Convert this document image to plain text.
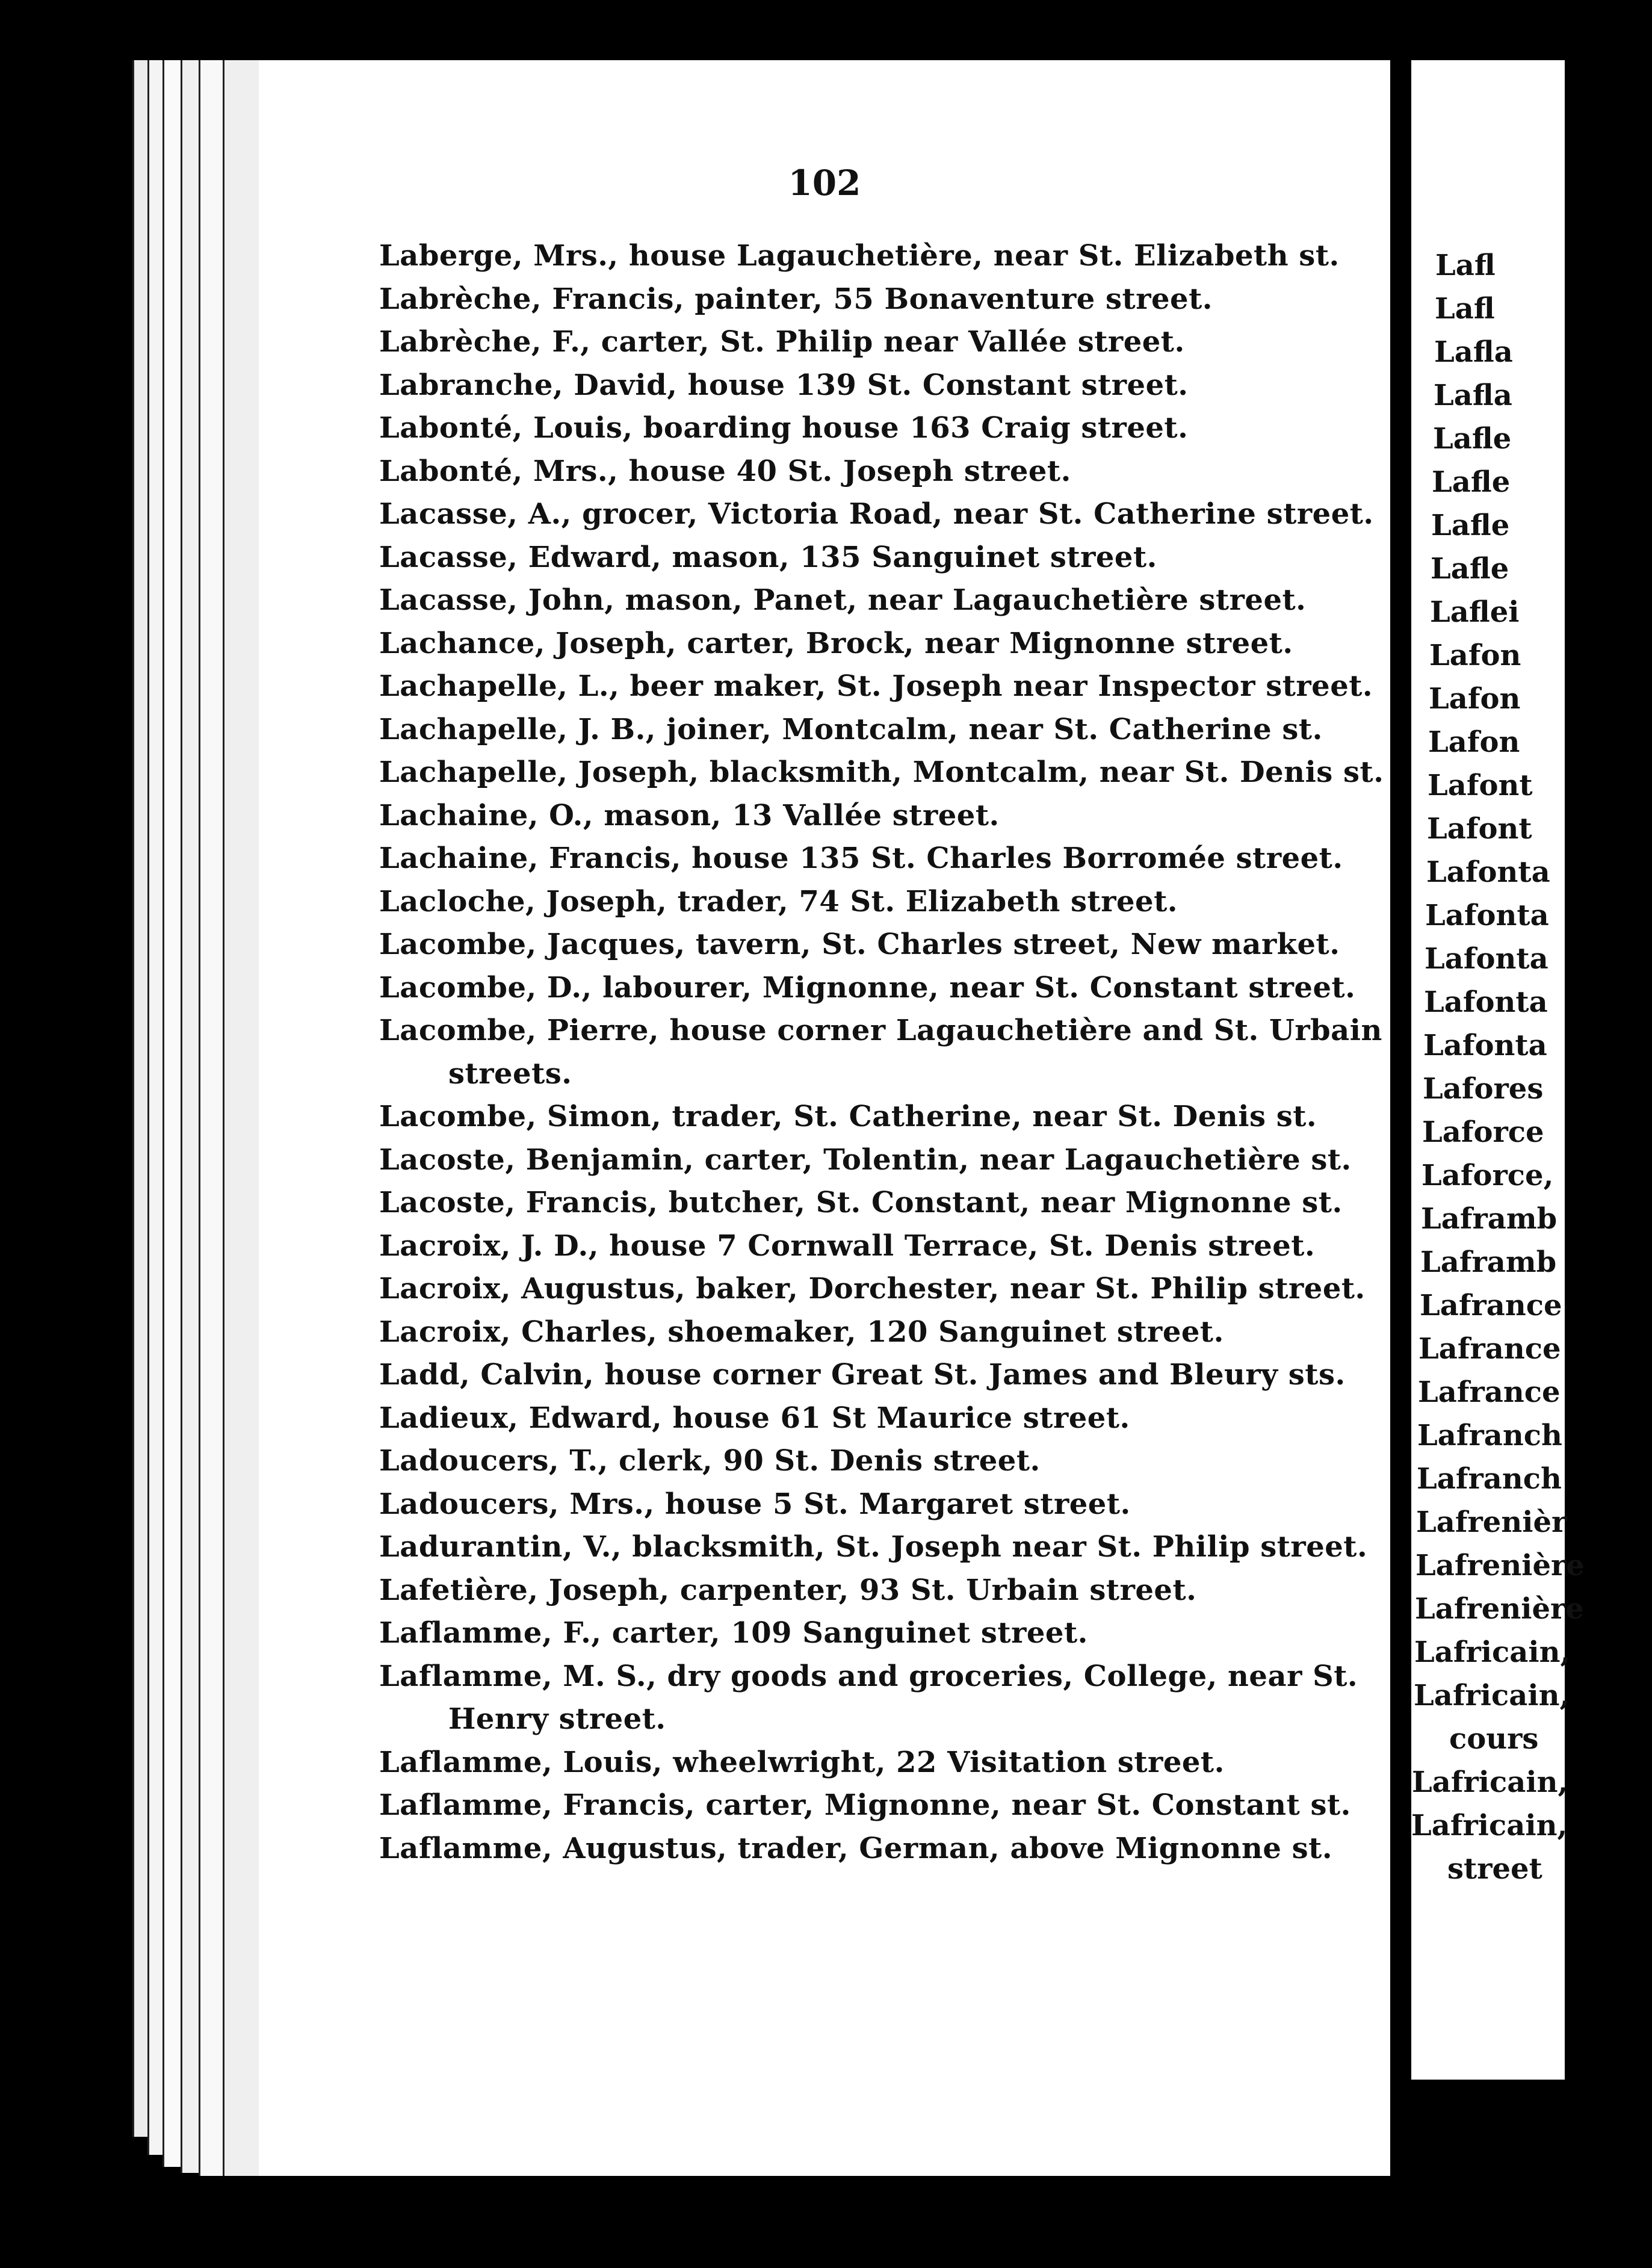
102
Laberge, Mrs., house Lagauchetière, near St. Elizabeth st.
Labrèche, Francis, painter, 55 Bonaventure street.
Labrèche, F., carter, St. Philip near Vallée street.
Labranche, David, house 139 St. Constant street.
Labonté, Louis, boarding house 163 Craig street.
Labonté, Mrs., house 40 St. Joseph street.
Lacasse, A., grocer, Victoria Road, near St. Catherine street.
Lacasse, Edward, mason, 135 Sanguinet street.
Lacasse, John, mason, Panet, near Lagauchetière street.
Lachance, Joseph, carter, Brock, near Mignonne street.
Lachapelle, L., beer maker, St. Joseph near Inspector street.
Lachapelle, J. B., joiner, Montcalm, near St. Catherine st.
Lachapelle, Joseph, blacksmith, Montcalm, near St. Denis st.
Lachaine, O., mason, 13 Vallée street.
Lachaine, Francis, house 135 St. Charles Borromée street.
Lacloche, Joseph, trader, 74 St. Elizabeth street.
Lacombe, Jacques, tavern, St. Charles street, New market.
Lacombe, D., labourer, Mignonne, near St. Constant street.
Lacombe, Pierre, house corner Lagauchetière and St. Urbain
streets.
Lacombe, Simon, trader, St. Catherine, near St. Denis st.
Lacoste, Benjamin, carter, Tolentin, near Lagauchetière st.
Lacoste, Francis, butcher, St. Constant, near Mignonne st.
Lacroix, J. D., house 7 Cornwall Terrace, St. Denis street.
Lacroix, Augustus, baker, Dorchester, near St. Philip street.
Lacroix, Charles, shoemaker, 120 Sanguinet street.
Ladd, Calvin, house corner Great St. James and Bleury sts.
Ladieux, Edward, house 61 St Maurice street.
Ladoucers, T., clerk, 90 St. Denis street.
Ladoucers, Mrs., house 5 St. Margaret street.
Ladurantin, V., blacksmith, St. Joseph near St. Philip street.
Lafetière, Joseph, carpenter, 93 St. Urbain street.
Laflamme, F., carter, 109 Sanguinet street.
Laflamme, M. S., dry goods and groceries, College, near St.
Henry street.
Laflamme, Louis, wheelwright, 22 Visitation street.
Laflamme, Francis, carter, Mignonne, near St. Constant st.
Laflamme, Augustus, trader, German, above Mignonne st.
Lafl
Lafl
Lafla
Lafla
Lafle
Lafle
Lafle
Lafle
Laflei
Lafon
Lafon
Lafon
Lafont
Lafont
Lafonta
Lafonta
Lafonta
Lafonta
Lafonta
Lafores
Laforce
Laforce,
Laframb
Laframb
Lafrance
Lafrance
Lafrance
Lafranch
Lafranch
Lafrenièr
Lafrenière
Lafrenière
Lafricain,
Lafricain,
cours
Lafricain,
Lafricain,
street
